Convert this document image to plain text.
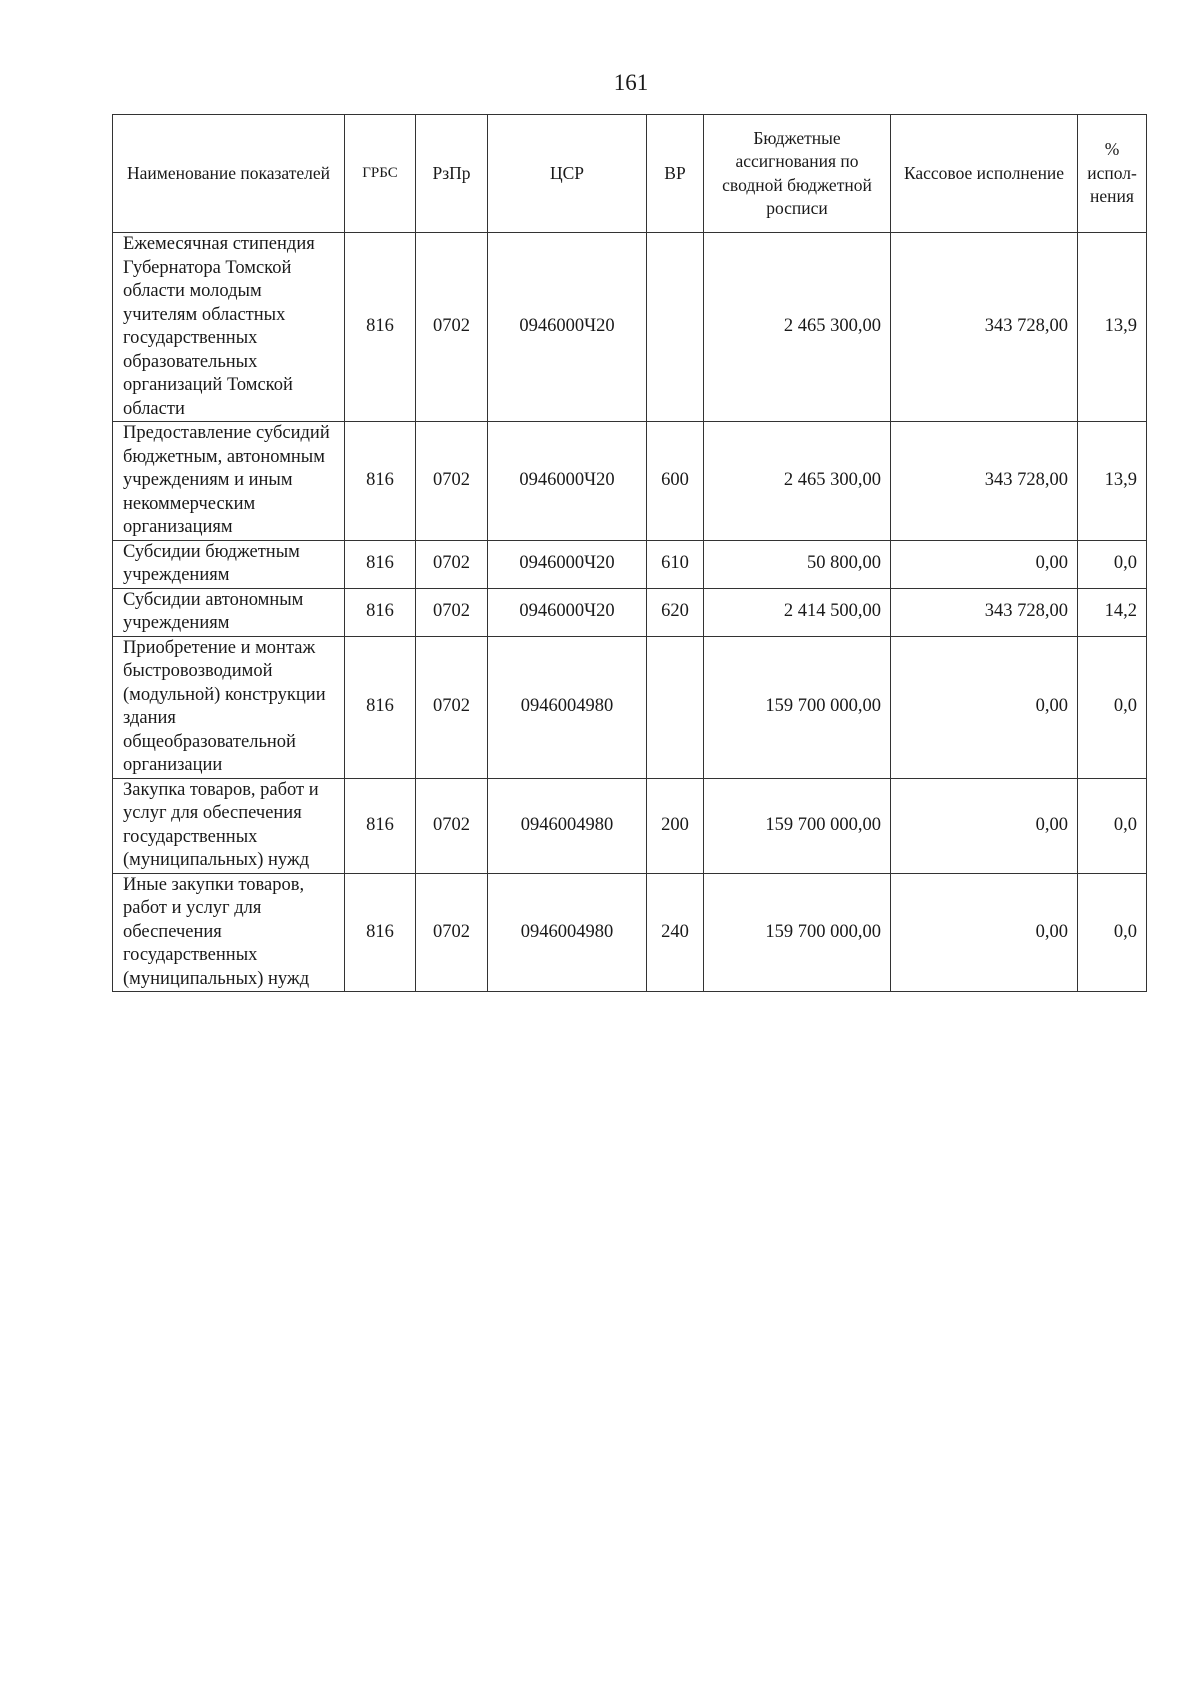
161
Наименование показателей	ГРБС	РзПр	ЦСР	ВР	Бюджетные ассигнования по сводной бюджетной росписи	Кассовое исполнение	% испол-нения
Ежемесячная стипендия Губернатора Томской области молодым учителям областных государственных образовательных организаций Томской области	816	0702	0946000Ч20		2 465 300,00	343 728,00	13,9
Предоставление субсидий бюджетным, автономным учреждениям и иным некоммерческим организациям	816	0702	0946000Ч20	600	2 465 300,00	343 728,00	13,9
Субсидии бюджетным учреждениям	816	0702	0946000Ч20	610	50 800,00	0,00	0,0
Субсидии автономным учреждениям	816	0702	0946000Ч20	620	2 414 500,00	343 728,00	14,2
Приобретение и монтаж быстровозводимой (модульной) конструкции здания общеобразовательной организации	816	0702	0946004980		159 700 000,00	0,00	0,0
Закупка товаров, работ и услуг для обеспечения государственных (муниципальных) нужд	816	0702	0946004980	200	159 700 000,00	0,00	0,0
Иные закупки товаров, работ и услуг для обеспечения государственных (муниципальных) нужд	816	0702	0946004980	240	159 700 000,00	0,00	0,0
